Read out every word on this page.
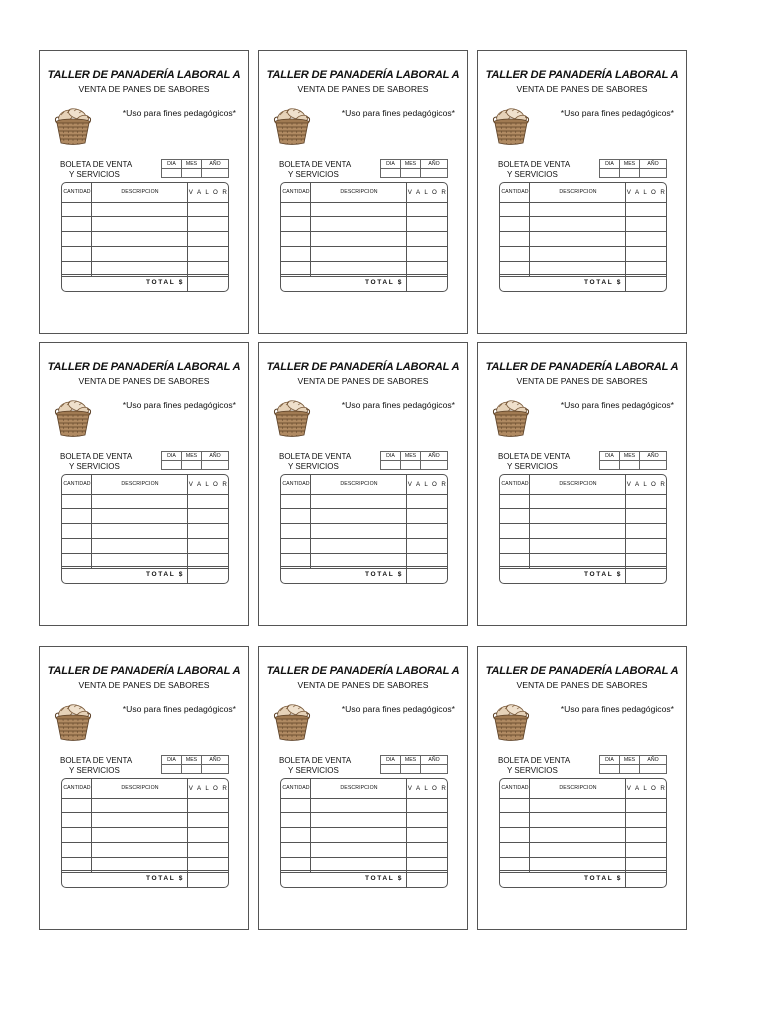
TALLER DE PANADERÍA LABORAL A
VENTA DE PANES DE SABORES
*Uso para fines pedagógicos*
BOLETA DE VENTA
Y SERVICIOS
DIA	MES	AÑO
CANTIDAD	DESCRIPCION	V A L O R
TOTAL $
TALLER DE PANADERÍA LABORAL A
VENTA DE PANES DE SABORES
*Uso para fines pedagógicos*
BOLETA DE VENTA
Y SERVICIOS
DIA	MES	AÑO
CANTIDAD	DESCRIPCION	V A L O R
TOTAL $
TALLER DE PANADERÍA LABORAL A
VENTA DE PANES DE SABORES
*Uso para fines pedagógicos*
BOLETA DE VENTA
Y SERVICIOS
DIA	MES	AÑO
CANTIDAD	DESCRIPCION	V A L O R
TOTAL $
TALLER DE PANADERÍA LABORAL A
VENTA DE PANES DE SABORES
*Uso para fines pedagógicos*
BOLETA DE VENTA
Y SERVICIOS
DIA	MES	AÑO
CANTIDAD	DESCRIPCION	V A L O R
TOTAL $
TALLER DE PANADERÍA LABORAL A
VENTA DE PANES DE SABORES
*Uso para fines pedagógicos*
BOLETA DE VENTA
Y SERVICIOS
DIA	MES	AÑO
CANTIDAD	DESCRIPCION	V A L O R
TOTAL $
TALLER DE PANADERÍA LABORAL A
VENTA DE PANES DE SABORES
*Uso para fines pedagógicos*
BOLETA DE VENTA
Y SERVICIOS
DIA	MES	AÑO
CANTIDAD	DESCRIPCION	V A L O R
TOTAL $
TALLER DE PANADERÍA LABORAL A
VENTA DE PANES DE SABORES
*Uso para fines pedagógicos*
BOLETA DE VENTA
Y SERVICIOS
DIA	MES	AÑO
CANTIDAD	DESCRIPCION	V A L O R
TOTAL $
TALLER DE PANADERÍA LABORAL A
VENTA DE PANES DE SABORES
*Uso para fines pedagógicos*
BOLETA DE VENTA
Y SERVICIOS
DIA	MES	AÑO
CANTIDAD	DESCRIPCION	V A L O R
TOTAL $
TALLER DE PANADERÍA LABORAL A
VENTA DE PANES DE SABORES
*Uso para fines pedagógicos*
BOLETA DE VENTA
Y SERVICIOS
DIA	MES	AÑO
CANTIDAD	DESCRIPCION	V A L O R
TOTAL $
